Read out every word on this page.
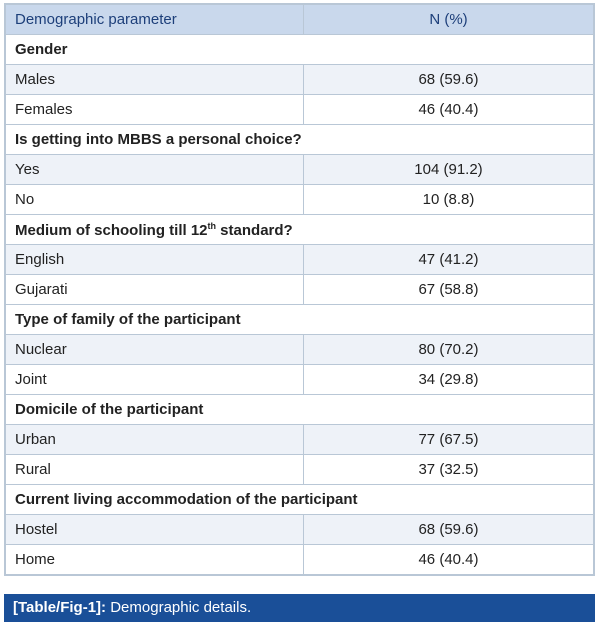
Demographic parameter	N (%)
Gender	
Males	68 (59.6)
Females	46 (40.4)
Is getting into MBBS a personal choice?	
Yes	104 (91.2)
No	10 (8.8)
Medium of schooling till 12th standard?	
English	47 (41.2)
Gujarati	67 (58.8)
Type of family of the participant	
Nuclear	80 (70.2)
Joint	34 (29.8)
Domicile of the participant	
Urban	77 (67.5)
Rural	37 (32.5)
Current living accommodation of the participant	
Hostel	68 (59.6)
Home	46 (40.4)
[Table/Fig-1]: Demographic details.
